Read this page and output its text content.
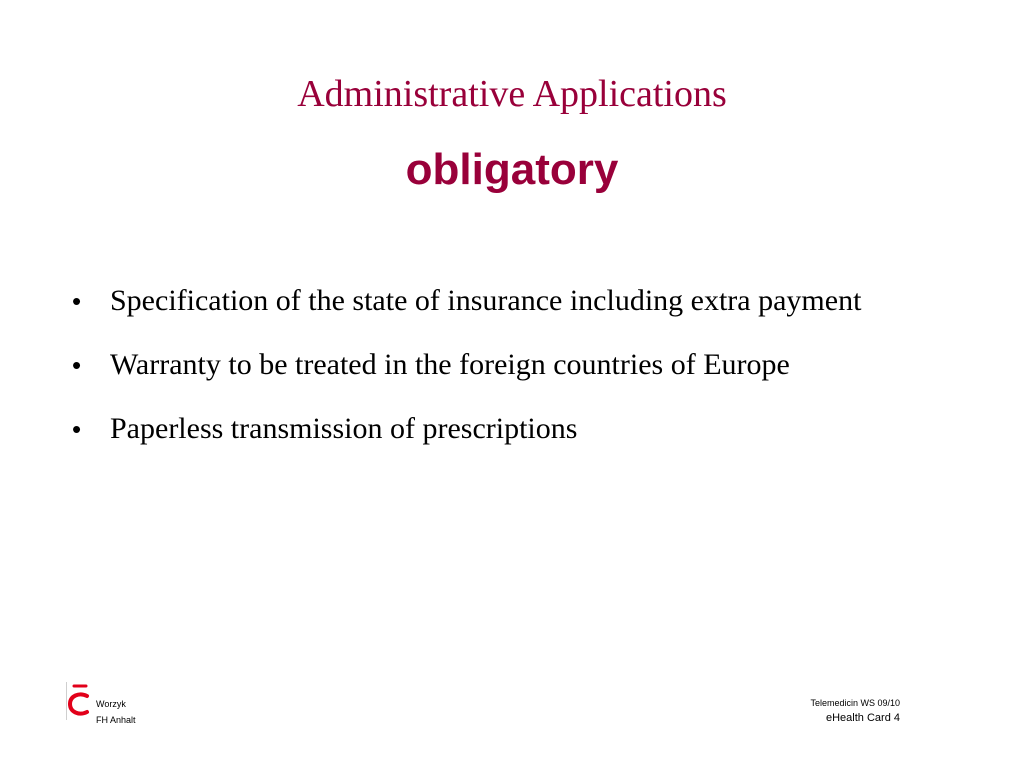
Administrative Applications
obligatory
• Specification of the state of insurance including extra payment
• Warranty to be treated in the foreign countries of Europe
• Paperless transmission of prescriptions
Worzyk
FH Anhalt
Telemedicin WS 09/10
eHealth Card 4
